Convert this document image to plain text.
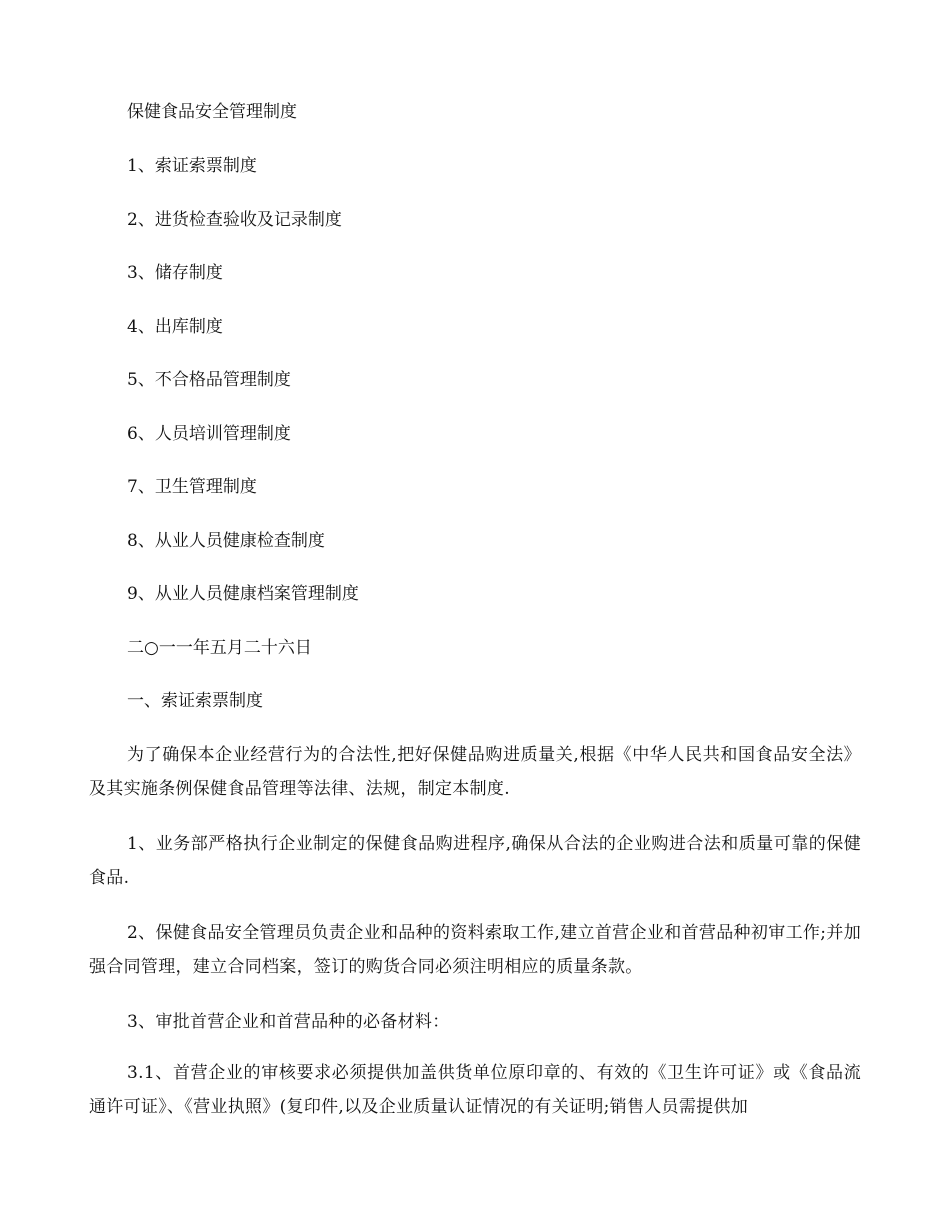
保健食品安全管理制度
1、索证索票制度
2、进货检查验收及记录制度
3、储存制度
4、出库制度
5、不合格品管理制度
6、人员培训管理制度
7、卫生管理制度
8、从业人员健康检查制度
9、从业人员健康档案管理制度
二○一一年五月二十六日
一、索证索票制度
为了确保本企业经营行为的合法性,把好保健品购进质量关,根据《中华人民共和国食品安全法》及其实施条例保健食品管理等法律、法规，制定本制度.
1、业务部严格执行企业制定的保健食品购进程序,确保从合法的企业购进合法和质量可靠的保健食品.
2、保健食品安全管理员负责企业和品种的资料索取工作,建立首营企业和首营品种初审工作;并加强合同管理，建立合同档案，签订的购货合同必须注明相应的质量条款。
3、审批首营企业和首营品种的必备材料：
3.1、首营企业的审核要求必须提供加盖供货单位原印章的、有效的《卫生许可证》或《食品流通许可证》、《营业执照》(复印件,以及企业质量认证情况的有关证明;销售人员需提供加
